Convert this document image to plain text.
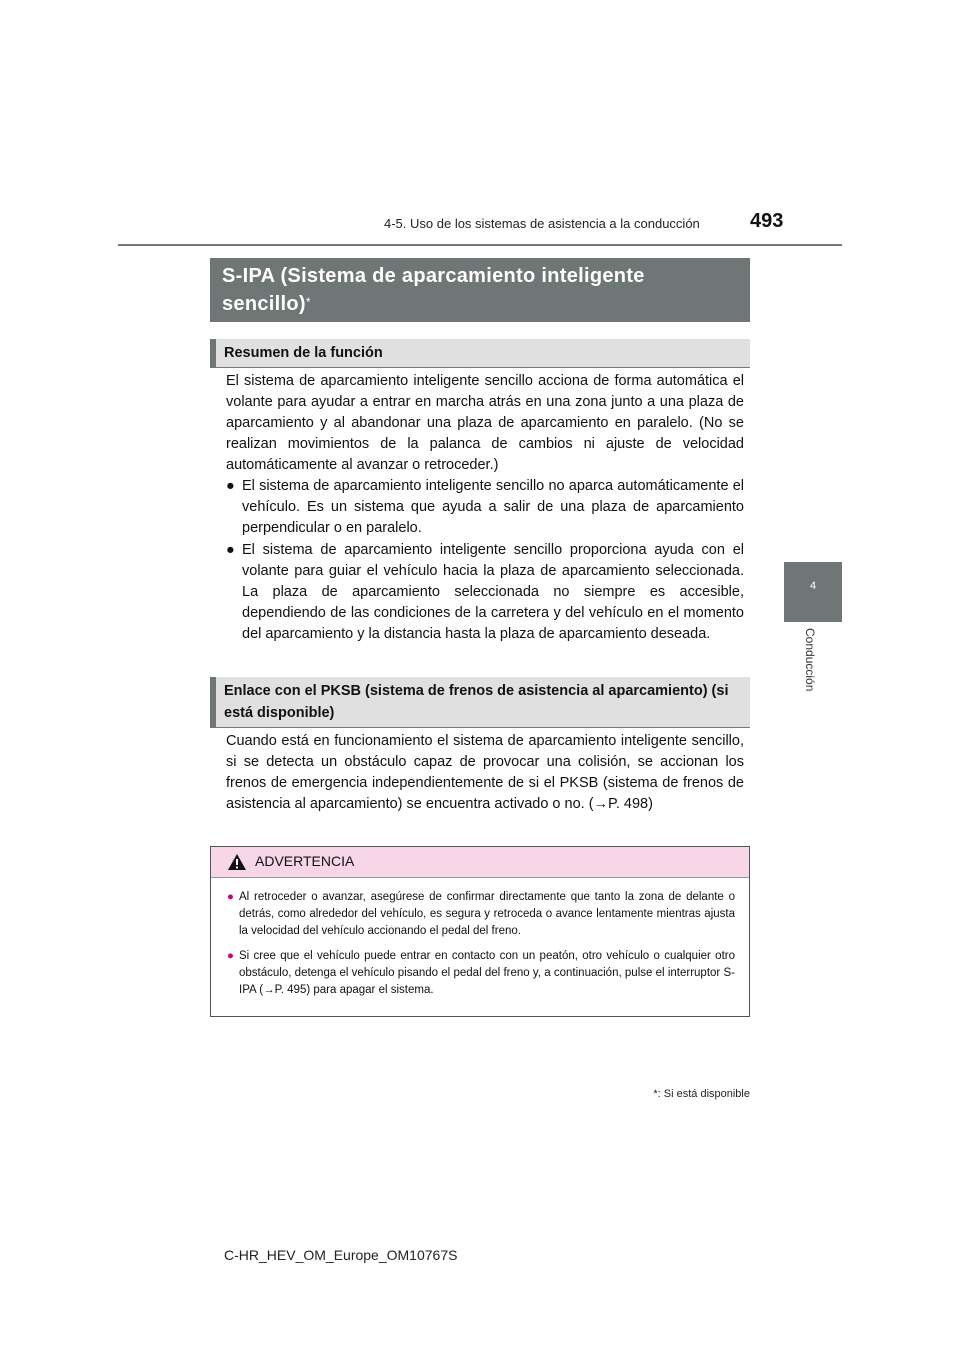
4-5. Uso de los sistemas de asistencia a la conducción	493
4
Conducción
S-IPA (Sistema de aparcamiento inteligente sencillo)*
Resumen de la función
El sistema de aparcamiento inteligente sencillo acciona de forma automática el volante para ayudar a entrar en marcha atrás en una zona junto a una plaza de aparcamiento y al abandonar una plaza de aparcamiento en paralelo. (No se realizan movimientos de la palanca de cambios ni ajuste de velocidad automáticamente al avanzar o retroceder.)
● El sistema de aparcamiento inteligente sencillo no aparca automáticamente el vehículo. Es un sistema que ayuda a salir de una plaza de aparcamiento perpendicular o en paralelo.
● El sistema de aparcamiento inteligente sencillo proporciona ayuda con el volante para guiar el vehículo hacia la plaza de aparcamiento seleccionada. La plaza de aparcamiento seleccionada no siempre es accesible, dependiendo de las condiciones de la carretera y del vehículo en el momento del aparcamiento y la distancia hasta la plaza de aparcamiento deseada.
Enlace con el PKSB (sistema de frenos de asistencia al aparcamiento) (si está disponible)
Cuando está en funcionamiento el sistema de aparcamiento inteligente sencillo, si se detecta un obstáculo capaz de provocar una colisión, se accionan los frenos de emergencia independientemente de si el PKSB (sistema de frenos de asistencia al aparcamiento) se encuentra activado o no. (→P. 498)
ADVERTENCIA
● Al retroceder o avanzar, asegúrese de confirmar directamente que tanto la zona de delante o detrás, como alrededor del vehículo, es segura y retroceda o avance lentamente mientras ajusta la velocidad del vehículo accionando el pedal del freno.
● Si cree que el vehículo puede entrar en contacto con un peatón, otro vehículo o cualquier otro obstáculo, detenga el vehículo pisando el pedal del freno y, a continuación, pulse el interruptor S-IPA (→P. 495) para apagar el sistema.
*: Si está disponible
C-HR_HEV_OM_Europe_OM10767S
